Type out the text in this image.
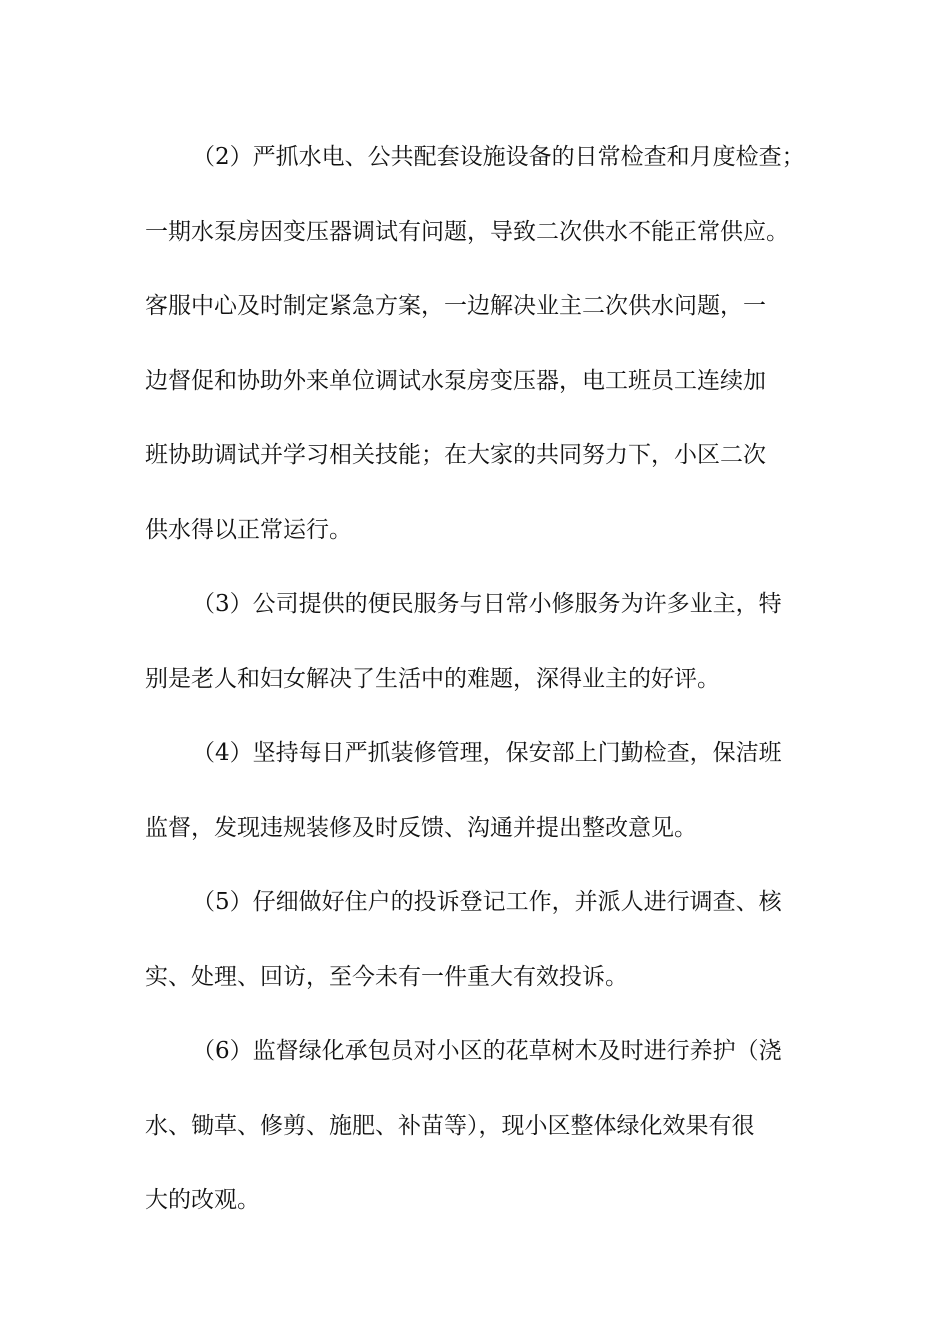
（2）严抓水电、公共配套设施设备的日常检查和月度检查；
一期水泵房因变压器调试有问题，导致二次供水不能正常供应。
客服中心及时制定紧急方案，一边解决业主二次供水问题，一
边督促和协助外来单位调试水泵房变压器，电工班员工连续加
班协助调试并学习相关技能；在大家的共同努力下，小区二次
供水得以正常运行。
（3）公司提供的便民服务与日常小修服务为许多业主，特
别是老人和妇女解决了生活中的难题，深得业主的好评。
（4）坚持每日严抓装修管理，保安部上门勤检查，保洁班
监督，发现违规装修及时反馈、沟通并提出整改意见。
（5）仔细做好住户的投诉登记工作，并派人进行调查、核
实、处理、回访，至今未有一件重大有效投诉。
（6）监督绿化承包员对小区的花草树木及时进行养护（浇
水、锄草、修剪、施肥、补苗等），现小区整体绿化效果有很
大的改观。
